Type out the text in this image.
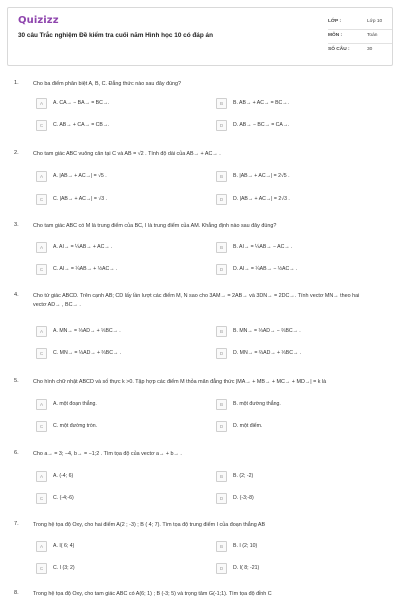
Quizizz
30 câu Trắc nghiệm Đề kiểm tra cuối năm Hình học 10 có đáp án
LỚP :	Lớp 10
MÔN :	Toán
SỐ CÂU :	30
1.	Cho ba điểm phân biệt A, B, C. Đẳng thức nào sau đây đúng?
A	A. CA→ − BA→ = BC→.	B	B. AB→ + AC→ = BC→.
C	C. AB→ + CA→ = CB→.	D	D. AB→ − BC→ = CA→.
2.	Cho tam giác ABC vuông cân tại C và AB = √2 . Tính độ dài của AB→ + AC→ .
A	A. |AB→ + AC→| = √5 .	B	B. |AB→ + AC→| = 2√5 .
C	C. |AB→ + AC→| = √3 .	D	D. |AB→ + AC→| = 2√3 .
3.	Cho tam giác ABC có M là trung điểm của BC, I là trung điểm của AM. Khẳng định nào sau đây đúng?
A	A. AI→ = ¼AB→ + AC→ .	B	B. AI→ = ¼AB→ − AC→ .
C	C. AI→ = ¼AB→ + ½AC→ .	D	D. AI→ = ¼AB→ − ½AC→ .
4.	Cho tứ giác ABCD. Trên cạnh AB; CD lấy lần lượt các điểm M, N sao cho 3AM→ = 2AB→ và 3DN→ = 2DC→. Tính vectơ MN→ theo hai vectơ AD→ , BC→ .
A	A. MN→ = ⅓AD→ + ⅓BC→ .	B	B. MN→ = ⅓AD→ − ⅔BC→ .
C	C. MN→ = ⅓AD→ + ⅔BC→ .	D	D. MN→ = ⅔AD→ + ⅓BC→ .
5.	Cho hình chữ nhật ABCD và số thực k >0. Tập hợp các điểm M thỏa mãn đẳng thức |MA→ + MB→ + MC→ + MD→| = k là
A	A. một đoạn thẳng.	B	B. một đường thẳng.
C	C. một đường tròn.	D	D. một điểm.
6.	Cho a→ = 3; −4, b→ = −1;2 . Tìm tọa độ của vectơ a→ + b→ .
A	A. (-4; 6)	B	B. (2; -2)
C	C. (-4;-6)	D	D. (-3;-8)
7.	Trong hệ tọa độ Oxy, cho hai điểm A(2 ; -3) ; B ( 4; 7). Tìm tọa độ trung điểm I của đoạn thẳng AB
A	A. I( 6; 4)	B	B. I (2; 10)
C	C. I (3; 2)	D	D. I( 8; -21)
8.	Trong hệ tọa độ Oxy, cho tam giác ABC có A(6; 1) ; B (-3; 5) và trọng tâm G(-1;1). Tìm tọa độ đỉnh C
